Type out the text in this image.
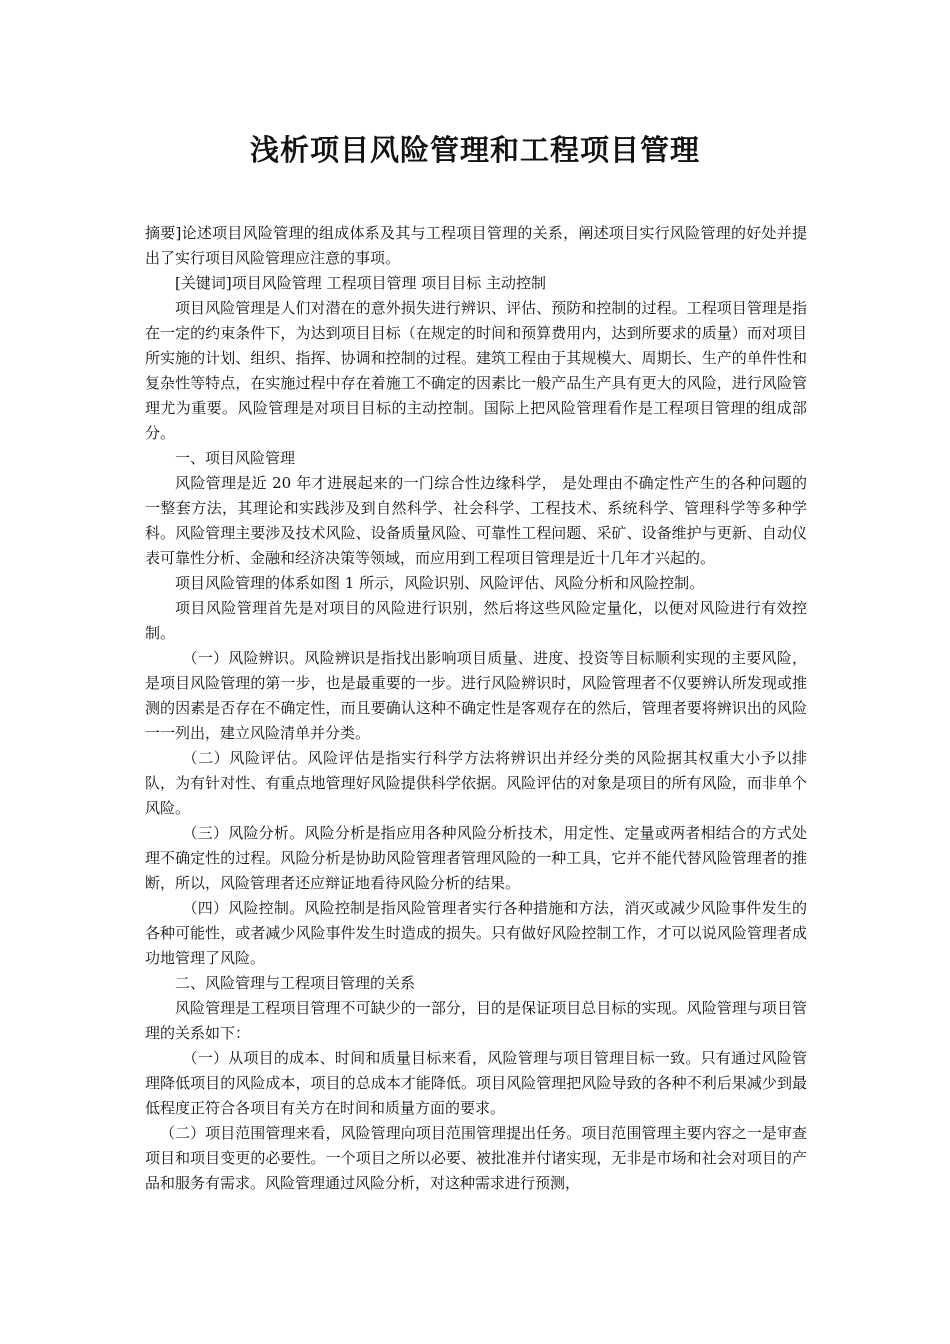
浅析项目风险管理和工程项目管理

摘要]论述项目风险管理的组成体系及其与工程项目管理的关系，阐述项目实行风险管理的好处并提出了实行项目风险管理应注意的事项。

[关键词]项目风险管理 工程项目管理 项目目标 主动控制

项目风险管理是人们对潜在的意外损失进行辨识、评估、预防和控制的过程。工程项目管理是指在一定的约束条件下，为达到项目目标（在规定的时间和预算费用内，达到所要求的质量）而对项目所实施的计划、组织、指挥、协调和控制的过程。建筑工程由于其规模大、周期长、生产的单件性和复杂性等特点，在实施过程中存在着施工不确定的因素比一般产品生产具有更大的风险，进行风险管理尤为重要。风险管理是对项目目标的主动控制。国际上把风险管理看作是工程项目管理的组成部分。

一、项目风险管理

风险管理是近 20 年才进展起来的一门综合性边缘科学， 是处理由不确定性产生的各种问题的一整套方法，其理论和实践涉及到自然科学、社会科学、工程技术、系统科学、管理科学等多种学科。风险管理主要涉及技术风险、设备质量风险、可靠性工程问题、采矿、设备维护与更新、自动仪表可靠性分析、金融和经济决策等领域，而应用到工程项目管理是近十几年才兴起的。

项目风险管理的体系如图 1 所示，风险识别、风险评估、风险分析和风险控制。

项目风险管理首先是对项目的风险进行识别，然后将这些风险定量化，以便对风险进行有效控制。

（一）风险辨识。风险辨识是指找出影响项目质量、进度、投资等目标顺利实现的主要风险，是项目风险管理的第一步，也是最重要的一步。进行风险辨识时，风险管理者不仅要辨认所发现或推测的因素是否存在不确定性，而且要确认这种不确定性是客观存在的然后，管理者要将辨识出的风险一一列出，建立风险清单并分类。

（二）风险评估。风险评估是指实行科学方法将辨识出并经分类的风险据其权重大小予以排队，为有针对性、有重点地管理好风险提供科学依据。风险评估的对象是项目的所有风险，而非单个风险。

（三）风险分析。风险分析是指应用各种风险分析技术，用定性、定量或两者相结合的方式处理不确定性的过程。风险分析是协助风险管理者管理风险的一种工具，它并不能代替风险管理者的推断，所以，风险管理者还应辩证地看待风险分析的结果。

（四）风险控制。风险控制是指风险管理者实行各种措施和方法，消灭或减少风险事件发生的各种可能性，或者减少风险事件发生时造成的损失。只有做好风险控制工作，才可以说风险管理者成功地管理了风险。

二、风险管理与工程项目管理的关系

风险管理是工程项目管理不可缺少的一部分，目的是保证项目总目标的实现。风险管理与项目管理的关系如下：

（一）从项目的成本、时间和质量目标来看，风险管理与项目管理目标一致。只有通过风险管理降低项目的风险成本，项目的总成本才能降低。项目风险管理把风险导致的各种不利后果减少到最低程度正符合各项目有关方在时间和质量方面的要求。

（二）项目范围管理来看，风险管理向项目范围管理提出任务。项目范围管理主要内容之一是审查项目和项目变更的必要性。一个项目之所以必要、被批准并付诸实现，无非是市场和社会对项目的产品和服务有需求。风险管理通过风险分析，对这种需求进行预测，
